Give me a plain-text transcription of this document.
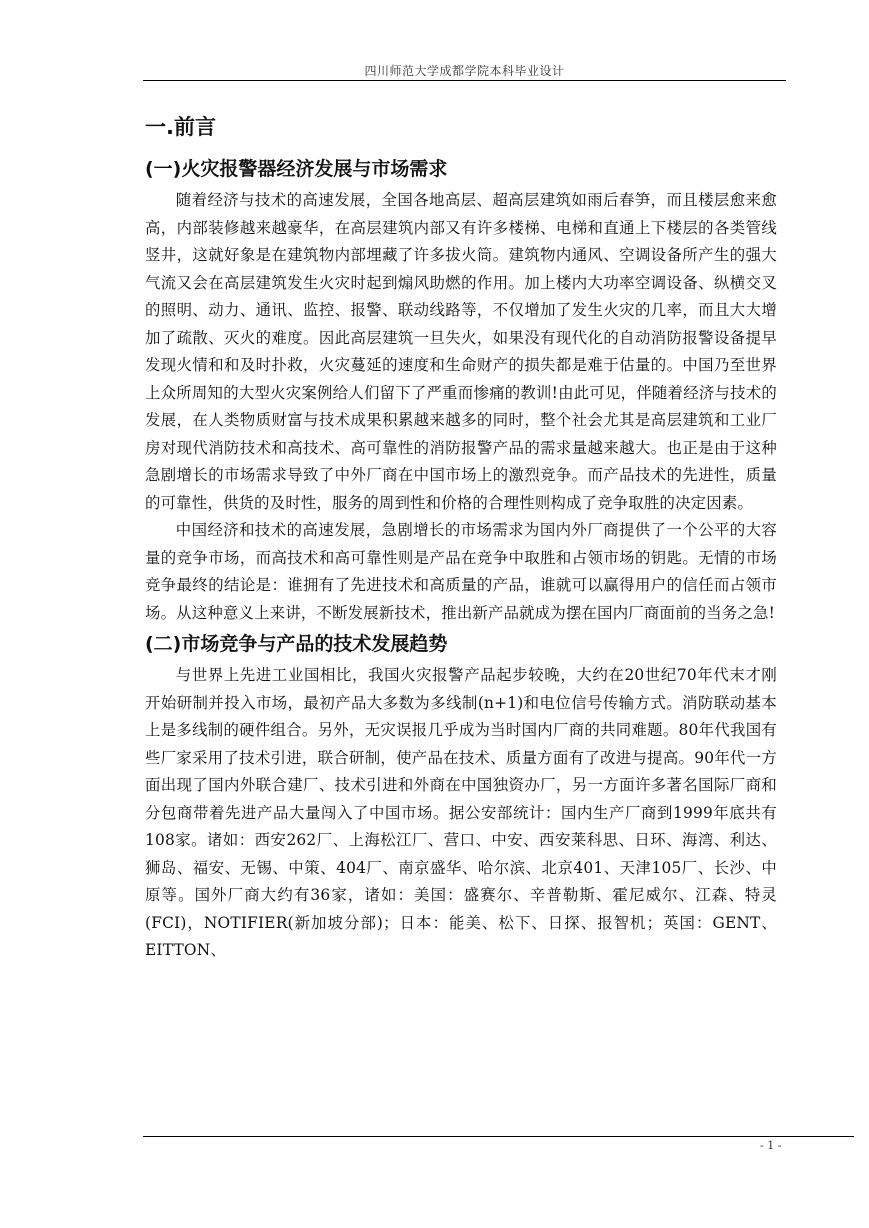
四川师范大学成都学院本科毕业设计
一.前言
(一)火灾报警器经济发展与市场需求

随着经济与技术的高速发展，全国各地高层、超高层建筑如雨后春笋，而且楼层愈来愈高，内部装修越来越豪华，在高层建筑内部又有许多楼梯、电梯和直通上下楼层的各类管线竖井，这就好象是在建筑物内部埋藏了许多拔火筒。建筑物内通风、空调设备所产生的强大气流又会在高层建筑发生火灾时起到煽风助燃的作用。加上楼内大功率空调设备、纵横交叉的照明、动力、通讯、监控、报警、联动线路等，不仅增加了发生火灾的几率，而且大大增加了疏散、灭火的难度。因此高层建筑一旦失火，如果没有现代化的自动消防报警设备提早发现火情和和及时扑救，火灾蔓延的速度和生命财产的损失都是难于估量的。中国乃至世界上众所周知的大型火灾案例给人们留下了严重而惨痛的教训!由此可见，伴随着经济与技术的发展，在人类物质财富与技术成果积累越来越多的同时，整个社会尤其是高层建筑和工业厂房对现代消防技术和高技术、高可靠性的消防报警产品的需求量越来越大。也正是由于这种急剧增长的市场需求导致了中外厂商在中国市场上的激烈竞争。而产品技术的先进性，质量的可靠性，供货的及时性，服务的周到性和价格的合理性则构成了竞争取胜的决定因素。

中国经济和技术的高速发展，急剧增长的市场需求为国内外厂商提供了一个公平的大容量的竞争市场，而高技术和高可靠性则是产品在竞争中取胜和占领市场的钥匙。无情的市场竞争最终的结论是：谁拥有了先进技术和高质量的产品，谁就可以赢得用户的信任而占领市场。从这种意义上来讲，不断发展新技术，推出新产品就成为摆在国内厂商面前的当务之急!

(二)市场竞争与产品的技术发展趋势

与世界上先进工业国相比，我国火灾报警产品起步较晚，大约在20世纪70年代末才刚开始研制并投入市场，最初产品大多数为多线制(n+1)和电位信号传输方式。消防联动基本上是多线制的硬件组合。另外，无灾误报几乎成为当时国内厂商的共同难题。80年代我国有些厂家采用了技术引进，联合研制，使产品在技术、质量方面有了改进与提高。90年代一方面出现了国内外联合建厂、技术引进和外商在中国独资办厂，另一方面许多著名国际厂商和分包商带着先进产品大量闯入了中国市场。据公安部统计：国内生产厂商到1999年底共有108家。诸如：西安262厂、上海松江厂、营口、中安、西安莱科思、日环、海湾、利达、狮岛、福安、无锡、中策、404厂、南京盛华、哈尔滨、北京401、天津105厂、长沙、中原等。国外厂商大约有36家，诸如：美国：盛赛尔、辛普勒斯、霍尼威尔、江森、特灵(FCI)，NOTIFIER(新加坡分部)；日本：能美、松下、日探、报智机；英国：GENT、EITTON、

- 1 -
